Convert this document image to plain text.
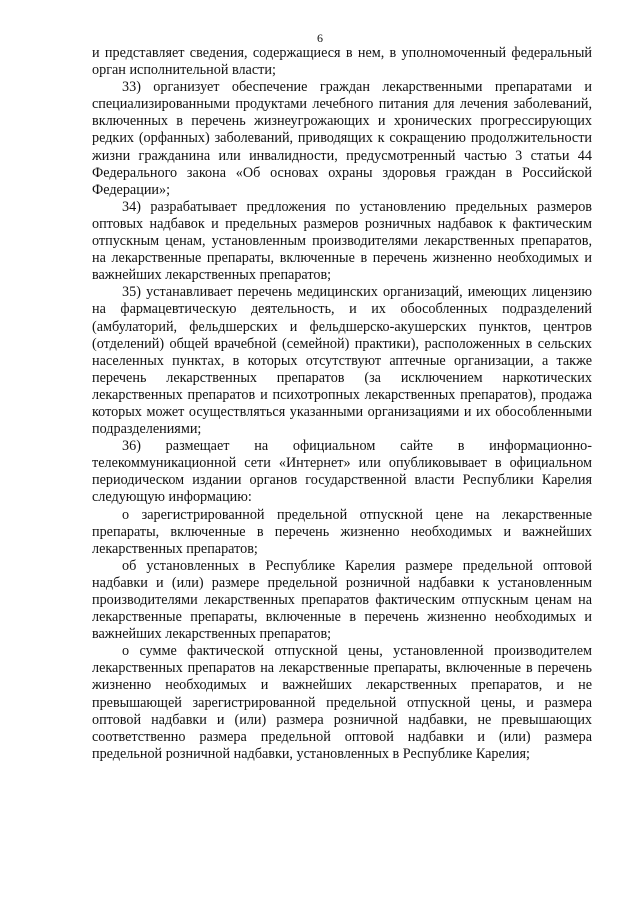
6

и представляет сведения, содержащиеся в нем, в уполномоченный федеральный орган исполнительной власти;

33) организует обеспечение граждан лекарственными препаратами и специализированными продуктами лечебного питания для лечения заболеваний, включенных в перечень жизнеугрожающих и хронических прогрессирующих редких (орфанных) заболеваний, приводящих к сокращению продолжительности жизни гражданина или инвалидности, предусмотренный частью 3 статьи 44 Федерального закона «Об основах охраны здоровья граждан в Российской Федерации»;

34) разрабатывает предложения по установлению предельных размеров оптовых надбавок и предельных размеров розничных надбавок к фактическим отпускным ценам, установленным производителями лекарственных препаратов, на лекарственные препараты, включенные в перечень жизненно необходимых и важнейших лекарственных препаратов;

35) устанавливает перечень медицинских организаций, имеющих лицензию на фармацевтическую деятельность, и их обособленных подразделений (амбулаторий, фельдшерских и фельдшерско-акушерских пунктов, центров (отделений) общей врачебной (семейной) практики), расположенных в сельских населенных пунктах, в которых отсутствуют аптечные организации, а также перечень лекарственных препаратов (за исключением наркотических лекарственных препаратов и психотропных лекарственных препаратов), продажа которых может осуществляться указанными организациями и их обособленными подразделениями;

36) размещает на официальном сайте в информационно-телекоммуникационной сети «Интернет» или опубликовывает в официальном периодическом издании органов государственной власти Республики Карелия следующую информацию:

о зарегистрированной предельной отпускной цене на лекарственные препараты, включенные в перечень жизненно необходимых и важнейших лекарственных препаратов;

об установленных в Республике Карелия размере предельной оптовой надбавки и (или) размере предельной розничной надбавки к установленным производителями лекарственных препаратов фактическим отпускным ценам на лекарственные препараты, включенные в перечень жизненно необходимых и важнейших лекарственных препаратов;

о сумме фактической отпускной цены, установленной производителем лекарственных препаратов на лекарственные препараты, включенные в перечень жизненно необходимых и важнейших лекарственных препаратов, и не превышающей зарегистрированной предельной отпускной цены, и размера оптовой надбавки и (или) размера розничной надбавки, не превышающих соответственно размера предельной оптовой надбавки и (или) размера предельной розничной надбавки, установленных в Республике Карелия;
